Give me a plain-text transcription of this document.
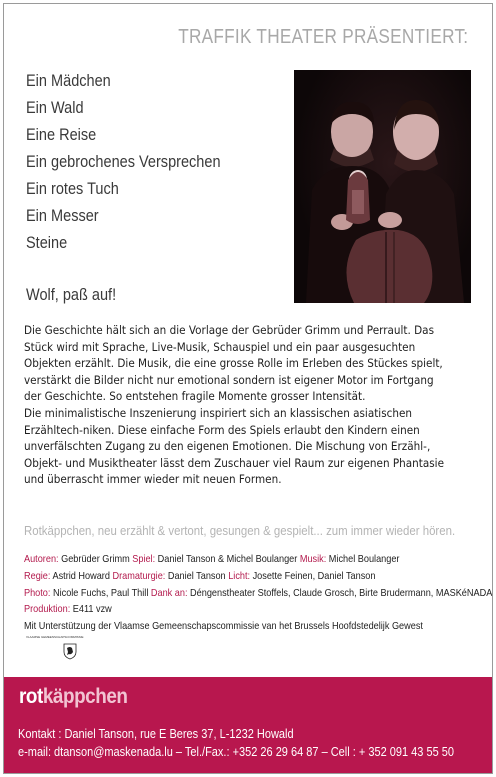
TRAFFIK THEATER PRÄSENTIERT:
Ein Mädchen
Ein Wald
Eine Reise
Ein gebrochenes Versprechen
Ein rotes Tuch
Ein Messer
Steine
Wolf, paß auf!

Die Geschichte hält sich an die Vorlage der Gebrüder Grimm und Perrault. Das Stück wird mit Sprache, Live-Musik, Schauspiel und ein paar ausgesuchten Objekten erzählt. Die Musik, die eine grosse Rolle im Erleben des Stückes spielt, verstärkt die Bilder nicht nur emotional sondern ist eigener Motor im Fortgang der Geschichte. So entstehen fragile Momente grosser Intensität.

Die minimalistische Inszenierung inspiriert sich an klassischen asiatischen Erzähltech-niken. Diese einfache Form des Spiels erlaubt den Kindern einen unverfälschten Zugang zu den eigenen Emotionen. Die Mischung von Erzähl-, Objekt- und Musiktheater lässt dem Zuschauer viel Raum zur eigenen Phantasie und überrascht immer wieder mit neuen Formen.

Rotkäppchen, neu erzählt & vertont, gesungen & gespielt... zum immer wieder hören.
Autoren: Gebrüder Grimm Spiel: Daniel Tanson & Michel Boulanger Musik: Michel Boulanger
Regie: Astrid Howard Dramaturgie: Daniel Tanson Licht: Josette Feinen, Daniel Tanson
Photo: Nicole Fuchs, Paul Thill Dank an: Déngenstheater Stoffels, Claude Grosch, Birte Brudermann, MASKéNADA
Produktion: E411 vzw
Mit Unterstützung der Vlaamse Gemeenschapscommissie van het Brussels Hoofdstedelijk Gewest
VLAAMSE GEMEENSCHAPSCOMMISSIE
rotkäppchen
Kontakt : Daniel Tanson, rue E Beres 37, L-1232 Howald
e-mail: dtanson@maskenada.lu – Tel./Fax.: +352 26 29 64 87 – Cell : + 352 091 43 55 50
